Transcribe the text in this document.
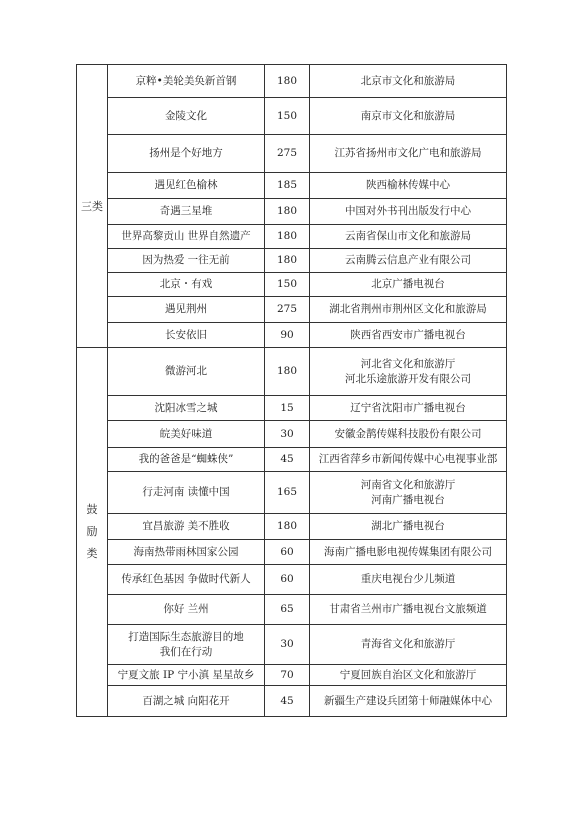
三类	京粹•美轮美奂新首钢	180	北京市文化和旅游局

	金陵文化	150	南京市文化和旅游局

	扬州是个好地方	275	江苏省扬州市文化广电和旅游局

	遇见红色榆林	185	陕西榆林传媒中心

	奇遇三星堆	180	中国对外书刊出版发行中心

	世界高黎贡山 世界自然遗产	180	云南省保山市文化和旅游局

	因为热爱 一往无前	180	云南腾云信息产业有限公司

	北京・有戏	150	北京广播电视台

	遇见荆州	275	湖北省荆州市荆州区文化和旅游局

	长安依旧	90	陕西省西安市广播电视台

鼓
励
类	微游河北	180	河北省文化和旅游厅
河北乐途旅游开发有限公司

	沈阳冰雪之城	15	辽宁省沈阳市广播电视台

	皖美好味道	30	安徽金鹊传媒科技股份有限公司

	我的爸爸是“蜘蛛侠”	45	江西省萍乡市新闻传媒中心电视事业部

	行走河南 读懂中国	165	河南省文化和旅游厅
河南广播电视台

	宜昌旅游 美不胜收	180	湖北广播电视台

	海南热带雨林国家公园	60	海南广播电影电视传媒集团有限公司

	传承红色基因 争做时代新人	60	重庆电视台少儿频道

	你好 兰州	65	甘肃省兰州市广播电视台文旅频道

	打造国际生态旅游目的地
我们在行动	30	青海省文化和旅游厅

	宁夏文旅 IP 宁小滇 星星故乡	70	宁夏回族自治区文化和旅游厅

	百湖之城 向阳花开	45	新疆生产建设兵团第十师融媒体中心
